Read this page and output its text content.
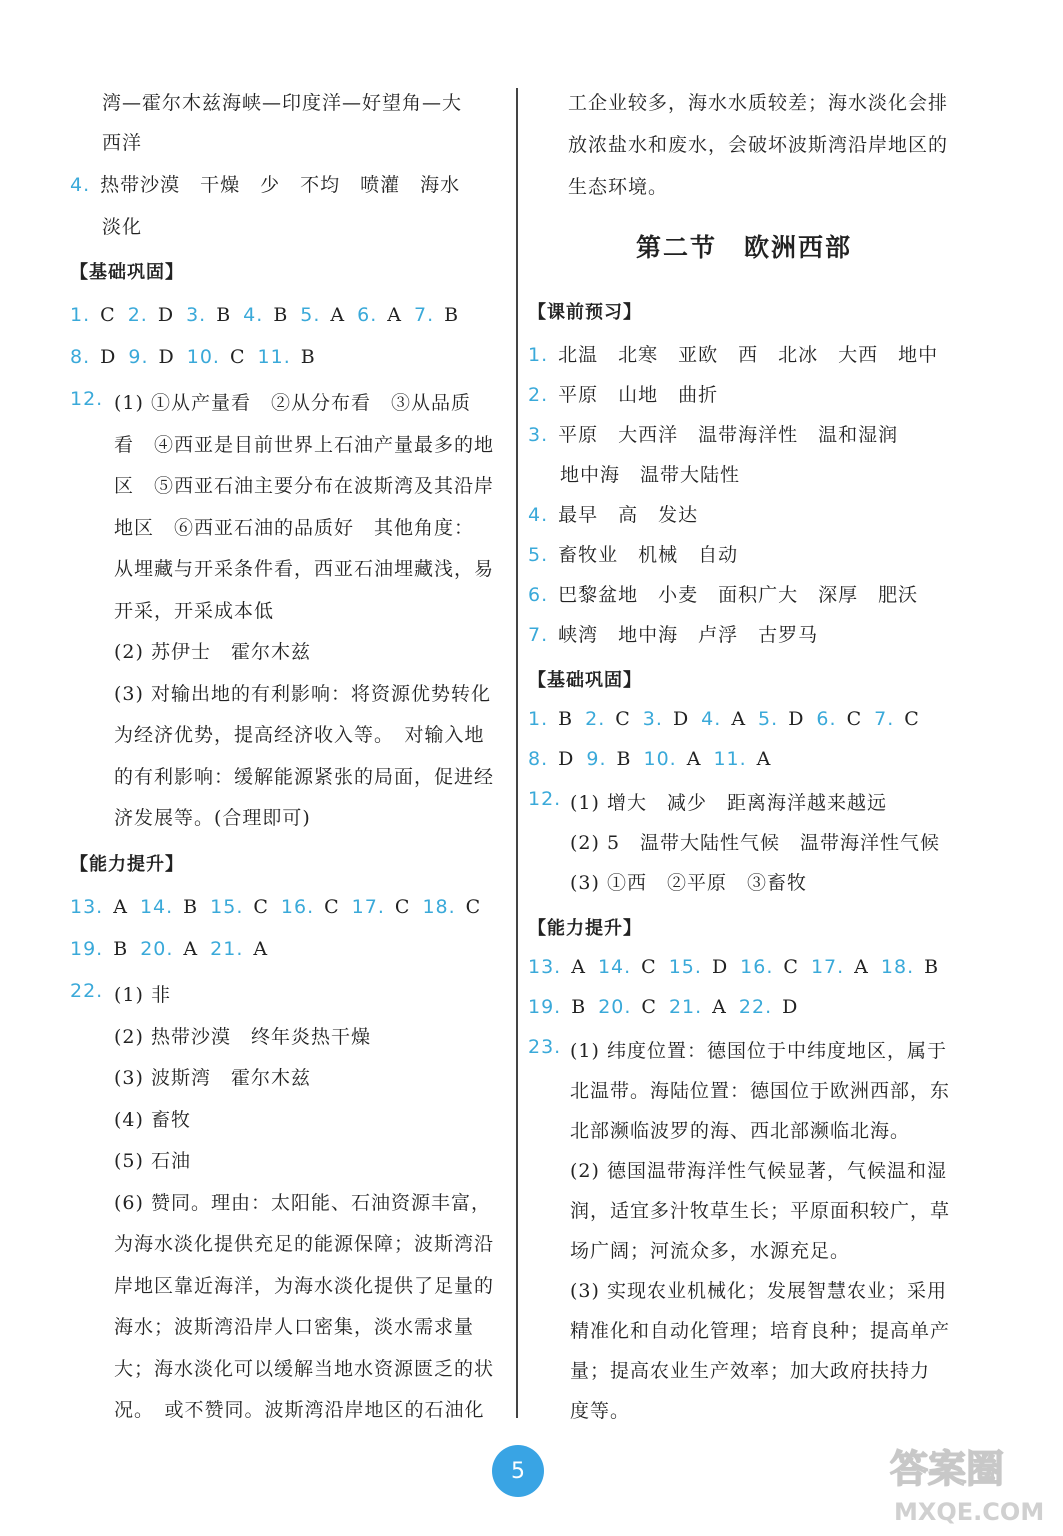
湾—霍尔木兹海峡—印度洋—好望角—大
西洋
4. 热带沙漠　干燥　少　不均　喷灌　海水
淡化
【基础巩固】
1. C 2. D 3. B 4. B 5. A 6. A 7. B
8. D 9. D 10. C 11. B
12. (1) ①从产量看　②从分布看　③从品质
看　④西亚是目前世界上石油产量最多的地
区　⑤西亚石油主要分布在波斯湾及其沿岸
地区　⑥西亚石油的品质好　其他角度：
从埋藏与开采条件看，西亚石油埋藏浅，易
开采，开采成本低
(2) 苏伊士　霍尔木兹
(3) 对输出地的有利影响：将资源优势转化
为经济优势，提高经济收入等。　对输入地
的有利影响：缓解能源紧张的局面，促进经
济发展等。(合理即可)
【能力提升】
13. A 14. B 15. C 16. C 17. C 18. C
19. B 20. A 21. A
22. (1) 非
(2) 热带沙漠　终年炎热干燥
(3) 波斯湾　霍尔木兹
(4) 畜牧
(5) 石油
(6) 赞同。理由：太阳能、石油资源丰富，
为海水淡化提供充足的能源保障；波斯湾沿
岸地区靠近海洋，为海水淡化提供了足量的
海水；波斯湾沿岸人口密集，淡水需求量
大；海水淡化可以缓解当地水资源匮乏的状
况。　或不赞同。波斯湾沿岸地区的石油化
工企业较多，海水水质较差；海水淡化会排
放浓盐水和废水，会破坏波斯湾沿岸地区的
生态环境。
第二节　欧洲西部
【课前预习】
1. 北温　北寒　亚欧　西　北冰　大西　地中
2. 平原　山地　曲折
3. 平原　大西洋　温带海洋性　温和湿润
地中海　温带大陆性
4. 最早　高　发达
5. 畜牧业　机械　自动
6. 巴黎盆地　小麦　面积广大　深厚　肥沃
7. 峡湾　地中海　卢浮　古罗马
【基础巩固】
1. B 2. C 3. D 4. A 5. D 6. C 7. C
8. D 9. B 10. A 11. A
12. (1) 增大　减少　距离海洋越来越远
(2) 5　温带大陆性气候　温带海洋性气候
(3) ①西　②平原　③畜牧
【能力提升】
13. A 14. C 15. D 16. C 17. A 18. B
19. B 20. C 21. A 22. D
23. (1) 纬度位置：德国位于中纬度地区，属于
北温带。海陆位置：德国位于欧洲西部，东
北部濒临波罗的海、西北部濒临北海。
(2) 德国温带海洋性气候显著，气候温和湿
润，适宜多汁牧草生长；平原面积较广，草
场广阔；河流众多，水源充足。
(3) 实现农业机械化；发展智慧农业；采用
精准化和自动化管理；培育良种；提高单产
量；提高农业生产效率；加大政府扶持力
度等。
5	答案圈
MXQE.COM
